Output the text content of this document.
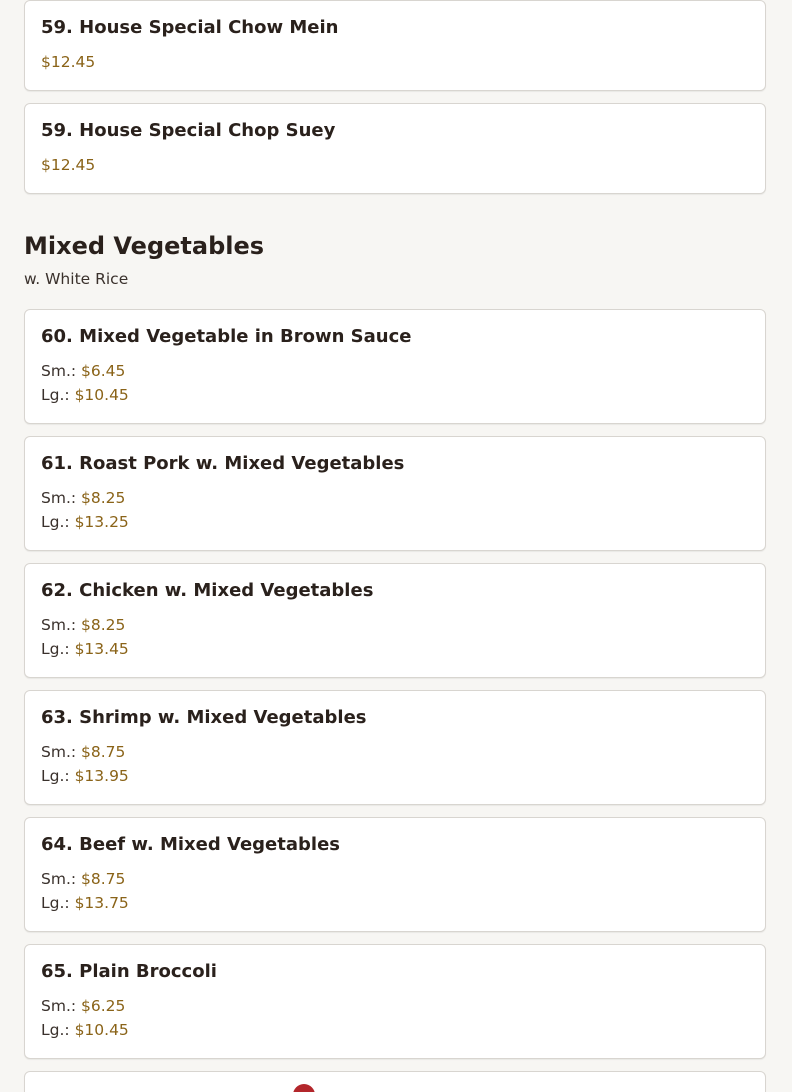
59. House Special Chow Mein
$12.45
59. House Special Chop Suey
$12.45
Mixed Vegetables
w. White Rice
60. Mixed Vegetable in Brown Sauce
Sm.: $6.45
Lg.: $10.45
61. Roast Pork w. Mixed Vegetables
Sm.: $8.25
Lg.: $13.25
62. Chicken w. Mixed Vegetables
Sm.: $8.25
Lg.: $13.45
63. Shrimp w. Mixed Vegetables
Sm.: $8.75
Lg.: $13.95
64. Beef w. Mixed Vegetables
Sm.: $8.75
Lg.: $13.75
65. Plain Broccoli
Sm.: $6.25
Lg.: $10.45
